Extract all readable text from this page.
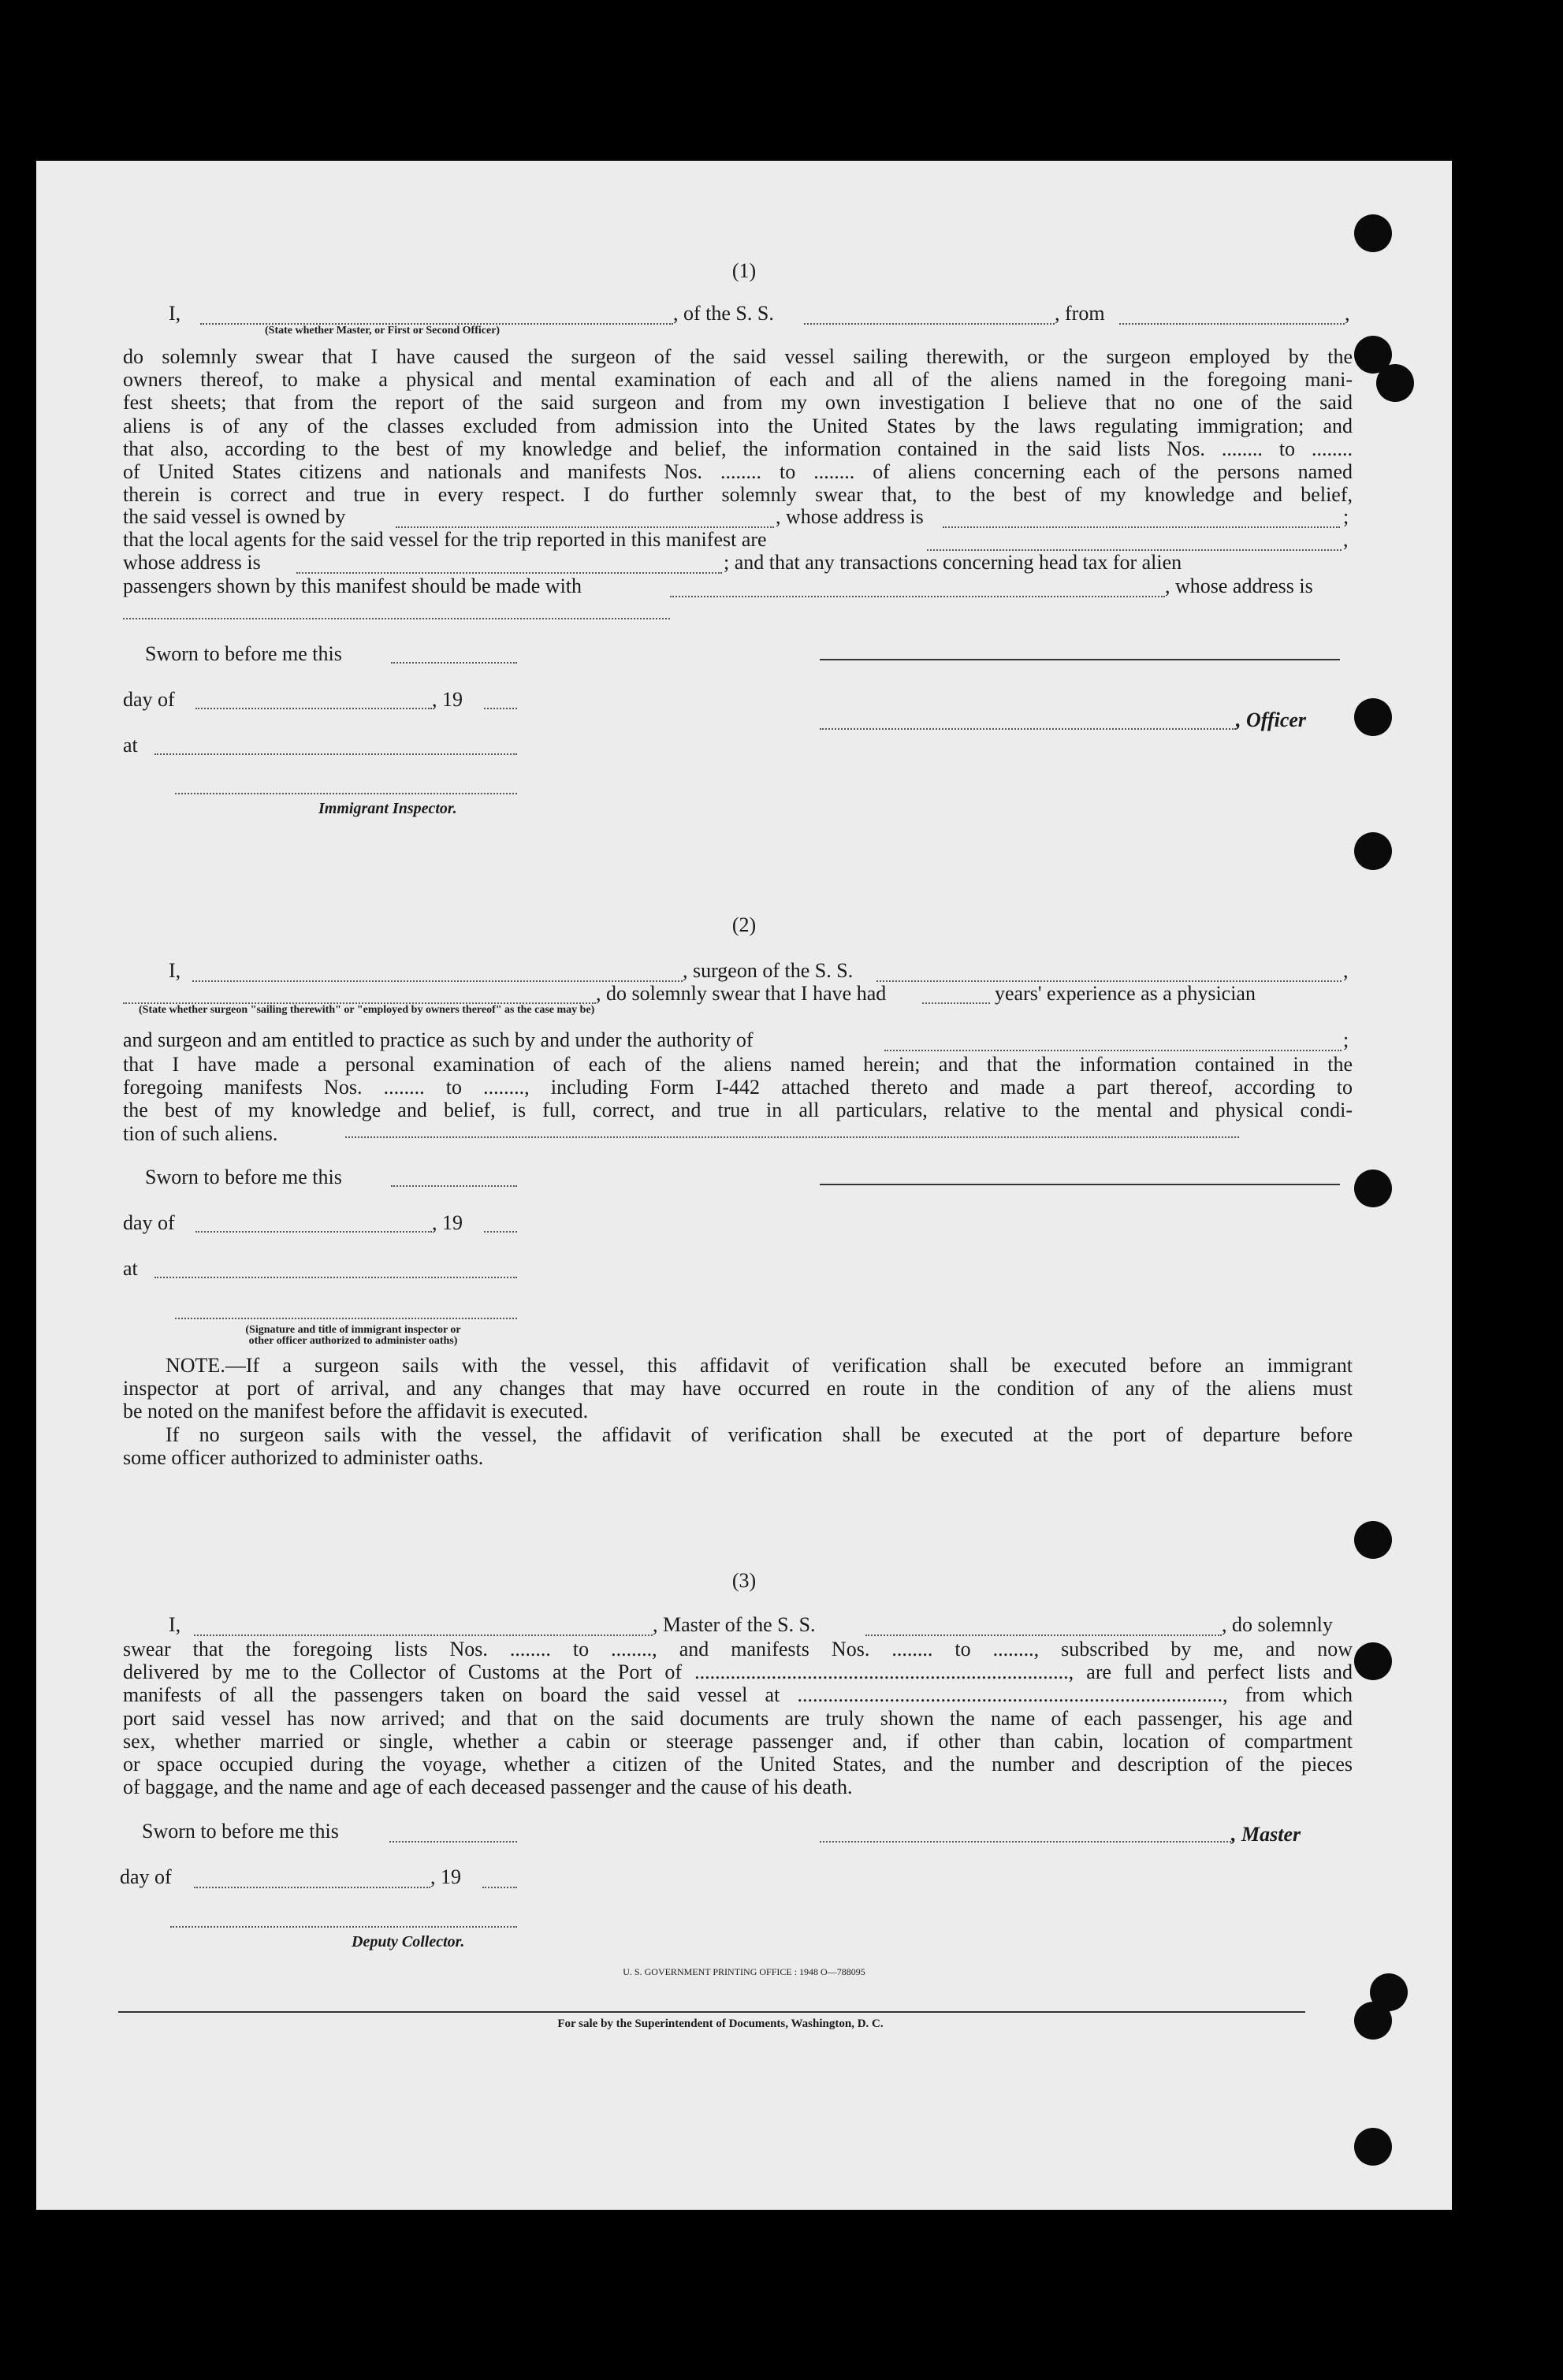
(1)
I,	, of the S. S.	, from	,
(State whether Master, or First or Second Officer)
do solemnly swear that I have caused the surgeon of the said vessel sailing therewith, or the surgeon employed by the
owners thereof, to make a physical and mental examination of each and all of the aliens named in the foregoing mani-
fest sheets; that from the report of the said surgeon and from my own investigation I believe that no one of the said
aliens is of any of the classes excluded from admission into the United States by the laws regulating immigration; and
that also, according to the best of my knowledge and belief, the information contained in the said lists Nos. ........ to ........
of United States citizens and nationals and manifests Nos. ........ to ........ of aliens concerning each of the persons named
therein is correct and true in every respect. I do further solemnly swear that, to the best of my knowledge and belief,
the said vessel is owned by	, whose address is	;
that the local agents for the said vessel for the trip reported in this manifest are	,
whose address is	; and that any transactions concerning head tax for alien
passengers shown by this manifest should be made with	, whose address is
Sworn to before me this
day of	, 19
, Officer
at
Immigrant Inspector.
(2)
I,	, surgeon of the S. S.	,
, do solemnly swear that I have had	years' experience as a physician
(State whether surgeon "sailing therewith" or "employed by owners thereof" as the case may be)
and surgeon and am entitled to practice as such by and under the authority of	;
that I have made a personal examination of each of the aliens named herein; and that the information contained in the
foregoing manifests Nos. ........ to ........, including Form I-442 attached thereto and made a part thereof, according to
the best of my knowledge and belief, is full, correct, and true in all particulars, relative to the mental and physical condi-
tion of such aliens.
Sworn to before me this
day of	, 19
at
(Signature and title of immigrant inspector or
other officer authorized to administer oaths)
NOTE.—If a surgeon sails with the vessel, this affidavit of verification shall be executed before an immigrant
inspector at port of arrival, and any changes that may have occurred en route in the condition of any of the aliens must
be noted on the manifest before the affidavit is executed.
If no surgeon sails with the vessel, the affidavit of verification shall be executed at the port of departure before
some officer authorized to administer oaths.
(3)
I,	, Master of the S. S.	, do solemnly
swear that the foregoing lists Nos. ........ to ........, and manifests Nos. ........ to ........, subscribed by me, and now
delivered by me to the Collector of Customs at the Port of ........................................................................., are full and perfect lists and
manifests of all the passengers taken on board the said vessel at ..................................................................................., from which
port said vessel has now arrived; and that on the said documents are truly shown the name of each passenger, his age and
sex, whether married or single, whether a cabin or steerage passenger and, if other than cabin, location of compartment
or space occupied during the voyage, whether a citizen of the United States, and the number and description of the pieces
of baggage, and the name and age of each deceased passenger and the cause of his death.
Sworn to before me this	, Master
day of	, 19
Deputy Collector.
U. S. GOVERNMENT PRINTING OFFICE : 1948 O—788095
For sale by the Superintendent of Documents, Washington, D. C.
